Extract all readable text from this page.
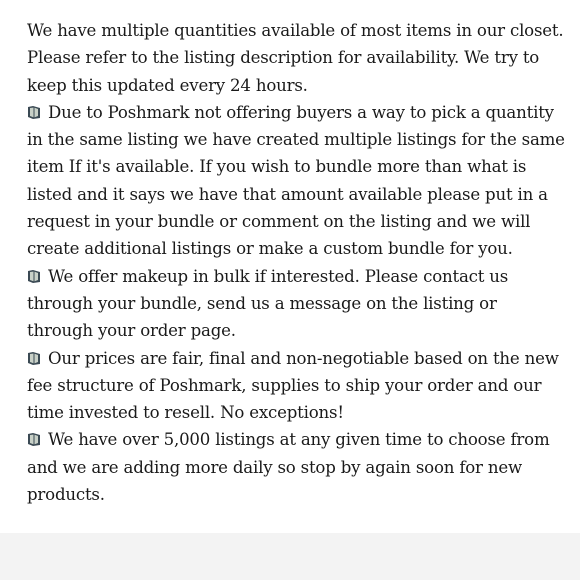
We have multiple quantities available of most items in our closet. Please refer to the listing description for availability. We try to keep this updated every 24 hours.

Due to Poshmark not offering buyers a way to pick a quantity in the same listing we have created multiple listings for the same item If it's available. If you wish to bundle more than what is listed and it says we have that amount available please put in a request in your bundle or comment on the listing and we will create additional listings or make a custom bundle for you.

We offer makeup in bulk if interested. Please contact us through your bundle, send us a message on the listing or through your order page.

Our prices are fair, final and non-negotiable based on the new fee structure of Poshmark, supplies to ship your order and our time invested to resell. No exceptions!

We have over 5,000 listings at any given time to choose from and we are adding more daily so stop by again soon for new products.
